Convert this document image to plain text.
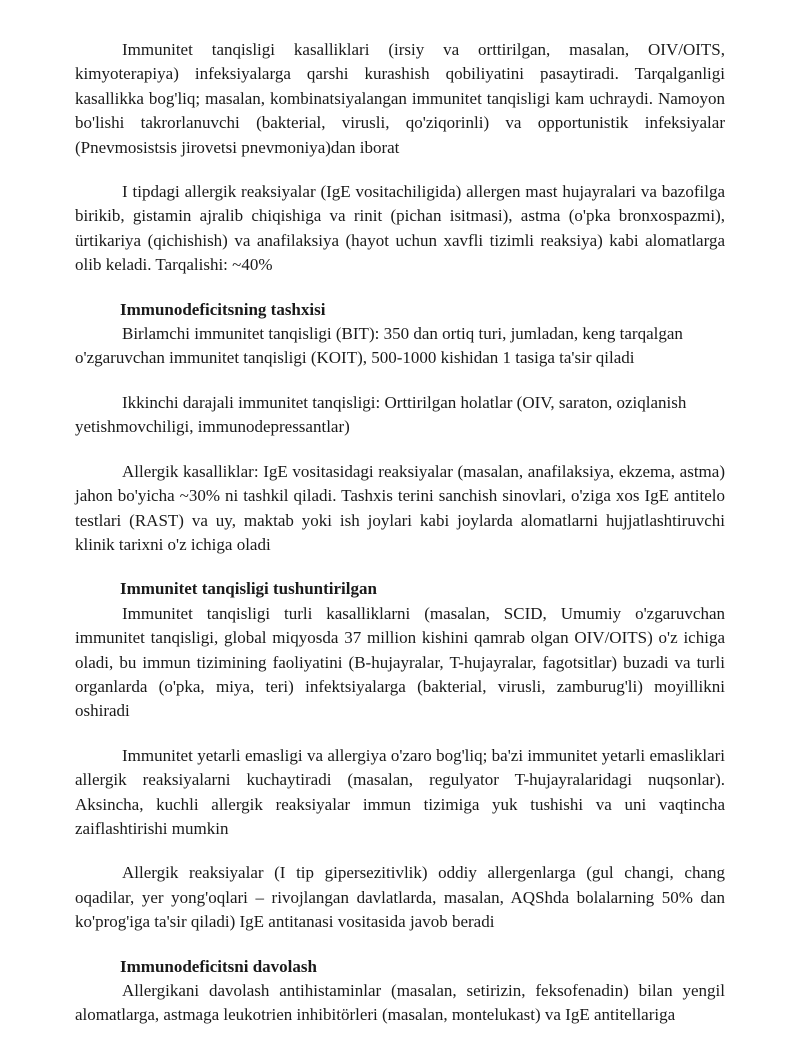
Immunitet tanqisligi kasalliklari (irsiy va orttirilgan, masalan, OIV/OITS, kimyoterapiya) infeksiyalarga qarshi kurashish qobiliyatini pasaytiradi. Tarqalganligi kasallikka bog'liq; masalan, kombinatsiyalangan immunitet tanqisligi kam uchraydi. Namoyon bo'lishi takrorlanuvchi (bakterial, virusli, qo'ziqorinli) va opportunistik infeksiyalar (Pnevmosistsis jirovetsi pnevmoniya)dan iborat

I tipdagi allergik reaksiyalar (IgE vositachiligida) allergen mast hujayralari va bazofilga birikib, gistamin ajralib chiqishiga va rinit (pichan isitmasi), astma (o'pka bronxospazmi), ürtikariya (qichishish) va anafilaksiya (hayot uchun xavfli tizimli reaksiya) kabi alomatlarga olib keladi. Tarqalishi: ~40%

Immunodeficitsning tashxisi

Birlamchi immunitet tanqisligi (BIT): 350 dan ortiq turi, jumladan, keng tarqalgan o'zgaruvchan immunitet tanqisligi (KOIT), 500-1000 kishidan 1 tasiga ta'sir qiladi

Ikkinchi darajali immunitet tanqisligi: Orttirilgan holatlar (OIV, saraton, oziqlanish yetishmovchiligi, immunodepressantlar)

Allergik kasalliklar: IgE vositasidagi reaksiyalar (masalan, anafilaksiya, ekzema, astma) jahon bo'yicha ~30% ni tashkil qiladi. Tashxis terini sanchish sinovlari, o'ziga xos IgE antitelo testlari (RAST) va uy, maktab yoki ish joylari kabi joylarda alomatlarni hujjatlashtiruvchi klinik tarixni o'z ichiga oladi

Immunitet tanqisligi tushuntirilgan

Immunitet tanqisligi turli kasalliklarni (masalan, SCID, Umumiy o'zgaruvchan immunitet tanqisligi, global miqyosda 37 million kishini qamrab olgan OIV/OITS) o'z ichiga oladi, bu immun tizimining faoliyatini (B-hujayralar, T-hujayralar, fagotsitlar) buzadi va turli organlarda (o'pka, miya, teri) infektsiyalarga (bakterial, virusli, zamburug'li) moyillikni oshiradi

Immunitet yetarli emasligi va allergiya o'zaro bog'liq; ba'zi immunitet yetarli emasliklari allergik reaksiyalarni kuchaytiradi (masalan, regulyator T-hujayralaridagi nuqsonlar). Aksincha, kuchli allergik reaksiyalar immun tizimiga yuk tushishi va uni vaqtincha zaiflashtirishi mumkin

Allergik reaksiyalar (I tip gipersezitivlik) oddiy allergenlarga (gul changi, chang oqadilar, yer yong'oqlari – rivojlangan davlatlarda, masalan, AQShda bolalarning 50% dan ko'prog'iga ta'sir qiladi) IgE antitanasi vositasida javob beradi

Immunodeficitsni davolash

Allergikani davolash antihistaminlar (masalan, setirizin, feksofenadin) bilan yengil alomatlarga, astmaga leukotrien inhibitörleri (masalan, montelukast) va IgE antitellariga
